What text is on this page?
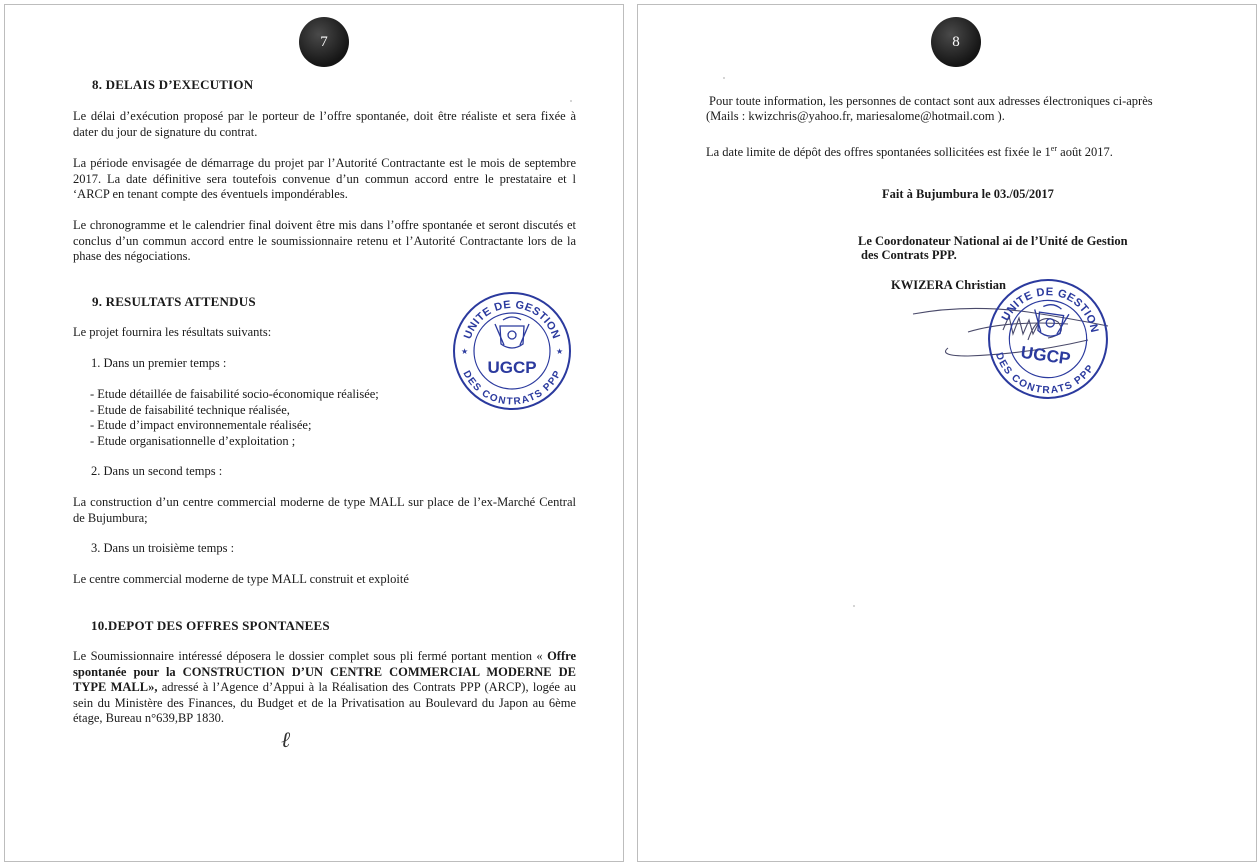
7
8. DELAIS D’EXECUTION
Le délai d’exécution proposé par le porteur de l’offre spontanée, doit être réaliste et sera fixée à dater du jour de signature du contrat.
La période envisagée de démarrage du projet par l’Autorité Contractante est le mois de septembre 2017. La date définitive sera toutefois convenue d’un commun accord entre le prestataire et l ‘ARCP en tenant compte des éventuels impondérables.
Le chronogramme et le calendrier final doivent être mis dans l’offre spontanée et seront discutés et conclus d’un commun accord entre le soumissionnaire retenu et l’Autorité Contractante lors de la phase des négociations.
9. RESULTATS ATTENDUS
Le projet fournira les résultats suivants:
1. Dans un premier temps :
- Etude détaillée de faisabilité socio-économique réalisée;
- Etude de faisabilité technique réalisée,
- Etude d’impact environnementale réalisée;
- Etude organisationnelle d’exploitation ;
2. Dans un second temps :
La construction d’un centre commercial moderne de type MALL sur place de l’ex-Marché Central de Bujumbura;
3. Dans un troisième temps :
Le centre commercial moderne de type MALL construit et exploité
10.DEPOT DES OFFRES SPONTANEES
Le Soumissionnaire intéressé déposera le dossier complet sous pli fermé portant mention « Offre spontanée pour la CONSTRUCTION D’UN CENTRE COMMERCIAL MODERNE DE TYPE MALL», adressé à l’Agence d’Appui à la Réalisation des Contrats PPP (ARCP), logée au sein du Ministère des Finances, du Budget et de la Privatisation au Boulevard du Japon au 6ème étage, Bureau n°639,BP 1830.
ℓ
UNITE DE GESTION
DES CONTRATS PPP
UGCP
★	★
8
Pour toute information, les personnes de contact sont aux adresses électroniques ci-après
(Mails : kwizchris@yahoo.fr, mariesalome@hotmail.com ).
La date limite de dépôt des offres spontanées sollicitées est fixée le 1er août 2017.
Fait à Bujumbura le 03./05/2017
Le Coordonateur National ai de l’Unité de Gestion
des Contrats PPP.
KWIZERA Christian
UNITE DE GESTION
DES CONTRATS PPP
UGCP
